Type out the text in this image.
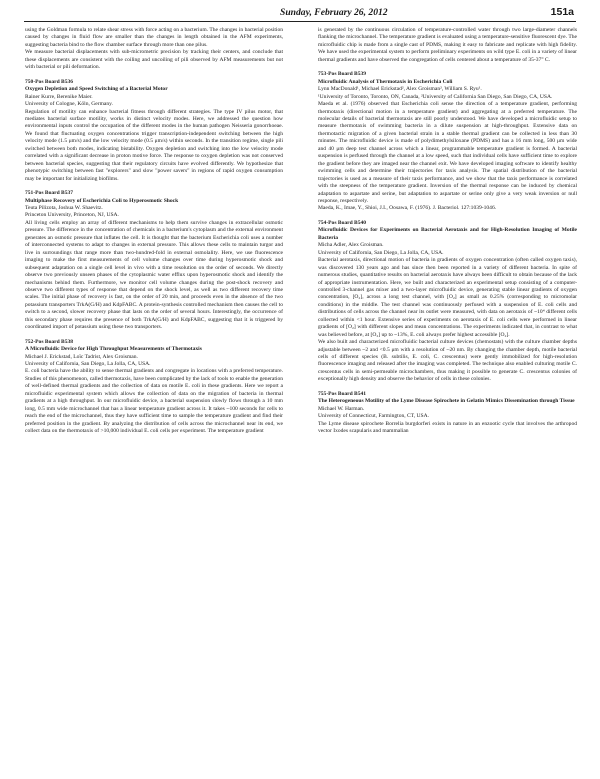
Sunday, February 26, 2012	151a

using the Goldman formula to relate shear stress with force acting on a bacterium. The changes in bacterial position caused by changes in fluid flow are smaller than the changes in length obtained in the AFM experiments, suggesting bacteria bind to the flow chamber surface through more than one pilus.

We measure bacterial displacements with sub-micrometric precision by tracking their centers, and conclude that these displacements are consistent with the coiling and uncoiling of pili observed by AFM measurements but not with bacterial or pili deformation.

750-Pos Board B536

Oxygen Depletion and Speed Switching of a Bacterial Motor

Rainer Kurre, Berenike Maier.

University of Cologne, Köln, Germany.

Regulation of motility can enhance bacterial fitness through different strategies. The type IV pilus motor, that mediates bacterial surface motility, works in distinct velocity modes. Here, we addressed the question how environmental inputs control the occupation of the different modes in the human pathogen Neisseria gonorrhoeae. We found that fluctuating oxygen concentrations trigger transcription-independent switching between the high velocity mode (1.5 μm/s) and the low velocity mode (0.5 μm/s) within seconds. In the transition regime, single pili switched between both modes, indicating bistability. Oxygen depletion and switching into the low velocity mode correlated with a significant decrease in proton motive force. The response to oxygen depletion was not conserved between bacterial species, suggesting that their regulatory circuits have evolved differently. We hypothesize that phenotypic switching between fast "explorers" and slow "power savers" in regions of rapid oxygen consumption may be important for initializing biofilms.

751-Pos Board B537

Multiphase Recovery of Escherichia Coli to Hyperosmotic Shock

Teuta Pilizota, Joshua W. Shaevitz.

Princeton University, Princeton, NJ, USA.

All living cells employ an array of different mechanisms to help them survive changes in extracellular osmotic pressure. The difference in the concentration of chemicals in a bacterium's cytoplasm and the external environment generates an osmotic pressure that inflates the cell. It is thought that the bacterium Escherichia coli uses a number of interconnected systems to adapt to changes in external pressure. This allows these cells to maintain turgor and live in surroundings that range more than two-hundred-fold in external osmolality. Here, we use fluorescence imaging to make the first measurements of cell volume changes over time during hyperosmotic shock and subsequent adaptation on a single cell level in vivo with a time resolution on the order of seconds. We directly observe two previously unseen phases of the cytoplasmic water efflux upon hyperosmotic shock and identify the mechanisms behind them. Furthermore, we monitor cell volume changes during the post-shock recovery and observe two different types of response that depend on the shock level, as well as two different recovery time scales. The initial phase of recovery is fast, on the order of 20 min, and proceeds even in the absence of the two potassium transporters TrkA(G/H) and KdpFABC. A protein-synthesis controlled mechanism then causes the cell to switch to a second, slower recovery phase that lasts on the order of several hours. Interestingly, the occurrence of this secondary phase requires the presence of both TrkA(G/H) and KdpFABC, suggesting that it is triggered by coordinated import of potassium using these two transporters.

752-Pos Board B538

A Microfluidic Device for High Throughput Measurements of Thermotaxis

Michael J. Erickstad, Loïc Tadrist, Alex Groisman.

University of California, San Diego, La Jolla, CA, USA.

E. coli bacteria have the ability to sense thermal gradients and congregate in locations with a preferred temperature. Studies of this phenomenon, called thermotaxis, have been complicated by the lack of tools to enable the generation of well-defined thermal gradients and the collection of data on motile E. coli in these gradients. Here we report a microfluidic experimental system which allows the collection of data on the migration of bacteria in thermal gradients at a high throughput. In our microfluidic device, a bacterial suspension slowly flows through a 10 mm long, 0.5 mm wide microchannel that has a linear temperature gradient across it. It takes ~100 seconds for cells to reach the end of the microchannel, thus they have sufficient time to sample the temperature gradient and find their preferred position in the gradient. By analyzing the distribution of cells across the microchannel near its end, we collect data on the thermotaxis of >10,000 individual E. coli cells per experiment. The temperature gradient

is generated by the continuous circulation of temperature-controlled water through two large-diameter channels flanking the microchannel. The temperature gradient is evaluated using a temperature-sensitive fluorescent dye. The microfluidic chip is made from a single cast of PDMS, making it easy to fabricate and replicate with high fidelity. We have used the experimental system to perform preliminary experiments on wild type E. coli in a variety of linear thermal gradients and have observed the congregation of cells centered about a temperature of 35-37° C.

753-Pos Board B539

Microfluidic Analysis of Thermotaxis in Escherichia Coli

Lynn MacDonald¹, Michael Erickstad², Alex Groisman², William S. Ryu¹.

¹University of Toronto, Toronto, ON, Canada, ²University of California San Diego, San Diego, CA, USA.

Maeda et al. (1976) observed that Escherichia coli sense the direction of a temperature gradient, performing thermotaxis (directional motion in a temperature gradient) and aggregating at a preferred temperature. The molecular details of bacterial thermotaxis are still poorly understood. We have developed a microfluidic setup to measure thermotaxis of swimming bacteria in a dilute suspension at high-throughput. Extensive data on thermotactic migration of a given bacterial strain in a stable thermal gradient can be collected in less than 30 minutes. The microfluidic device is made of polydimethylsiloxane (PDMS) and has a 16 mm long, 500 μm wide and 40 μm deep test channel across which a linear, programmable temperature gradient is formed. A bacterial suspension is perfused through the channel at a low speed, such that individual cells have sufficient time to explore the gradient before they are imaged near the channel exit. We have developed imaging software to identify healthy swimming cells and determine their trajectories for taxis analysis. The spatial distribution of the bacterial trajectories is used as a measure of their taxis performance, and we show that the taxis performance is correlated with the steepness of the temperature gradient. Inversion of the thermal response can be induced by chemical adaptation to aspartate and serine, but adaptation to aspartate or serine only give a very weak inversion or null response, respectively.

Maeda, K., Imae, Y., Shioi, J.I., Oosawa, F. (1976). J. Bacteriol. 127:1039-1046.

754-Pos Board B540

Microfluidic Devices for Experiments on Bacterial Aerotaxis and for High-Resolution Imaging of Motile Bacteria

Micha Adler, Alex Groisman.

University of California, San Diego, La Jolla, CA, USA.

Bacterial aerotaxis, directional motion of bacteria in gradients of oxygen concentration (often called oxygen taxis), was discovered 130 years ago and has since then been reported in a variety of different bacteria. In spite of numerous studies, quantitative results on bacterial aerotaxis have always been difficult to obtain because of the lack of appropriate instrumentation. Here, we built and characterized an experimental setup consisting of a computer-controlled 3-channel gas mixer and a two-layer microfluidic device, generating stable linear gradients of oxygen concentration, [O₂], across a long test channel, with [O₂] as small as 0.25% (corresponding to micromolar conditions) in the middle. The test channel was continuously perfused with a suspension of E. coli cells and distributions of cells across the channel near its outlet were measured, with data on aerotaxis of ~10⁴ different cells collected within <1 hour. Extensive series of experiments on aerotaxis of E. coli cells were performed in linear gradients of [O₂] with different slopes and mean concentrations. The experiments indicated that, in contrast to what was believed before, at [O₂] up to ~13%, E. coli always prefer highest accessible [O₂].

We also built and characterized microfluidic bacterial culture devices (chemostats) with the culture chamber depths adjustable between ~2 and <0.5 μm with a resolution of ~20 nm. By changing the chamber depth, motile bacterial cells of different species (B. subtilis, E. coli, C. crescentus) were gently immobilized for high-resolution fluorescence imaging and released after the imaging was completed. The technique also enabled culturing motile C. crescentus cells in semi-permeable microchambers, thus making it possible to generate C. crescentus colonies of exceptionally high density and observe the behavior of cells in these colonies.

755-Pos Board B541

The Heterogeneous Motility of the Lyme Disease Spirochete in Gelatin Mimics Dissemination through Tissue

Michael W. Harman.

University of Connecticut, Farmington, CT, USA.

The Lyme disease spirochete Borrelia burgdorferi exists in nature in an enzootic cycle that involves the arthropod vector Ixodes scapularis and mammalian
